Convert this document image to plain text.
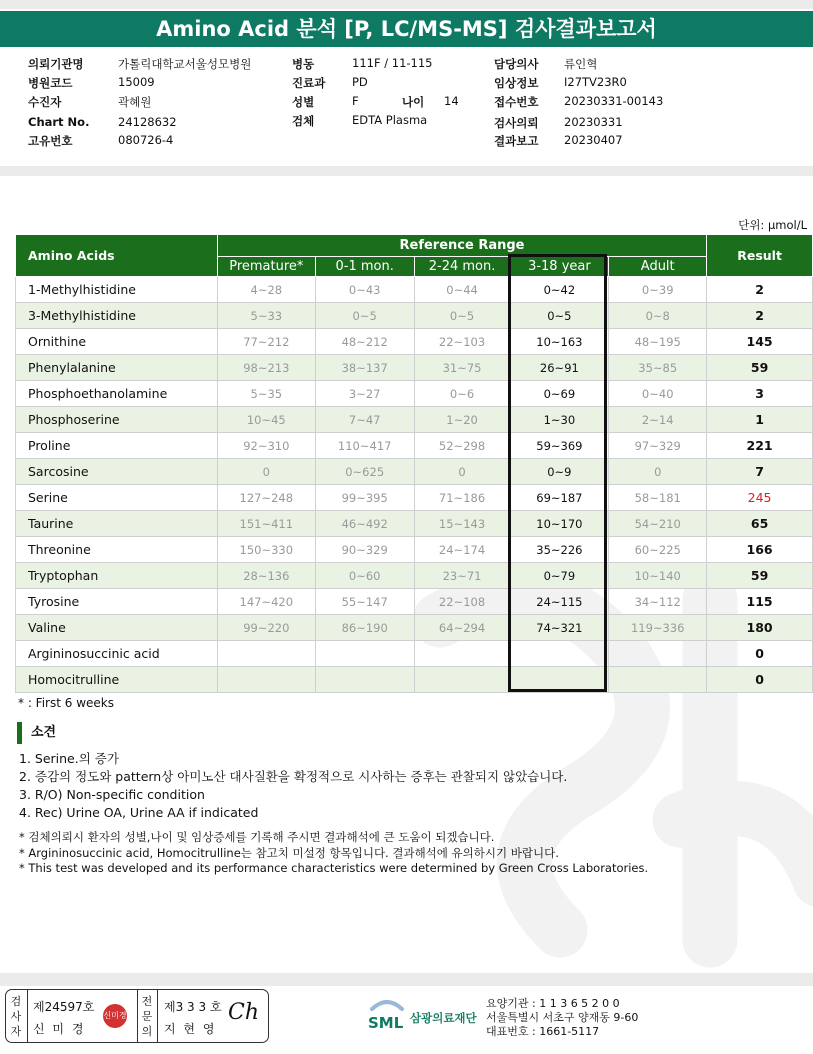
Amino Acid 분석 [P, LC/MS-MS] 검사결과보고서
의뢰기관명	가톨릭대학교서울성모병원
병원코드	15009
수진자	곽혜원
Chart No. 24128632
고유번호	080726-4
병동	111F / 11-115
진료과 PD
성별	F	나이 14
검체	EDTA Plasma
담당의사 류인혁
임상정보 I27TV23R0
접수번호 20230331-00143
검사의뢰 20230331
결과보고 20230407
단위: μmol/L
Amino Acids	Reference Range					Result
	Premature*	0-1 mon.	2-24 mon.	3-18 year	Adult	
1-Methylhistidine	4~28	0~43	0~44	0~42	0~39	2
3-Methylhistidine	5~33	0~5	0~5	0~5	0~8	2
Ornithine	77~212	48~212	22~103	10~163	48~195	145
Phenylalanine	98~213	38~137	31~75	26~91	35~85	59
Phosphoethanolamine	5~35	3~27	0~6	0~69	0~40	3
Phosphoserine	10~45	7~47	1~20	1~30	2~14	1
Proline	92~310	110~417	52~298	59~369	97~329	221
Sarcosine	0	0~625	0	0~9	0	7
Serine	127~248	99~395	71~186	69~187	58~181	245
Taurine	151~411	46~492	15~143	10~170	54~210	65
Threonine	150~330	90~329	24~174	35~226	60~225	166
Tryptophan	28~136	0~60	23~71	0~79	10~140	59
Tyrosine	147~420	55~147	22~108	24~115	34~112	115
Valine	99~220	86~190	64~294	74~321	119~336	180
Argininosuccinic acid						0
Homocitrulline						0
* : First 6 weeks
소견
1. Serine.의 증가
2. 증감의 정도와 pattern상 아미노산 대사질환을 확정적으로 시사하는 증후는 관찰되지 않았습니다.
3. R/O) Non-specific condition
4. Rec) Urine OA, Urine AA if indicated
* 검체의뢰시 환자의 성별,나이 및 임상증세를 기록해 주시면 결과해석에 큰 도움이 되겠습니다.
* Argininosuccinic acid, Homocitrulline는 참고치 미설정 항목입니다. 결과해석에 유의하시기 바랍니다.
* This test was developed and its performance characteristics were determined by Green Cross Laboratories.
검사자
제24597호
신 미 경
신미경
전문의
제3 3 3 호
지 현 영
Ch	SML 삼광의료재단
요양기관 : 1 1 3 6 5 2 0 0
서울특별시 서초구 양재동 9-60
대표번호 : 1661-5117
